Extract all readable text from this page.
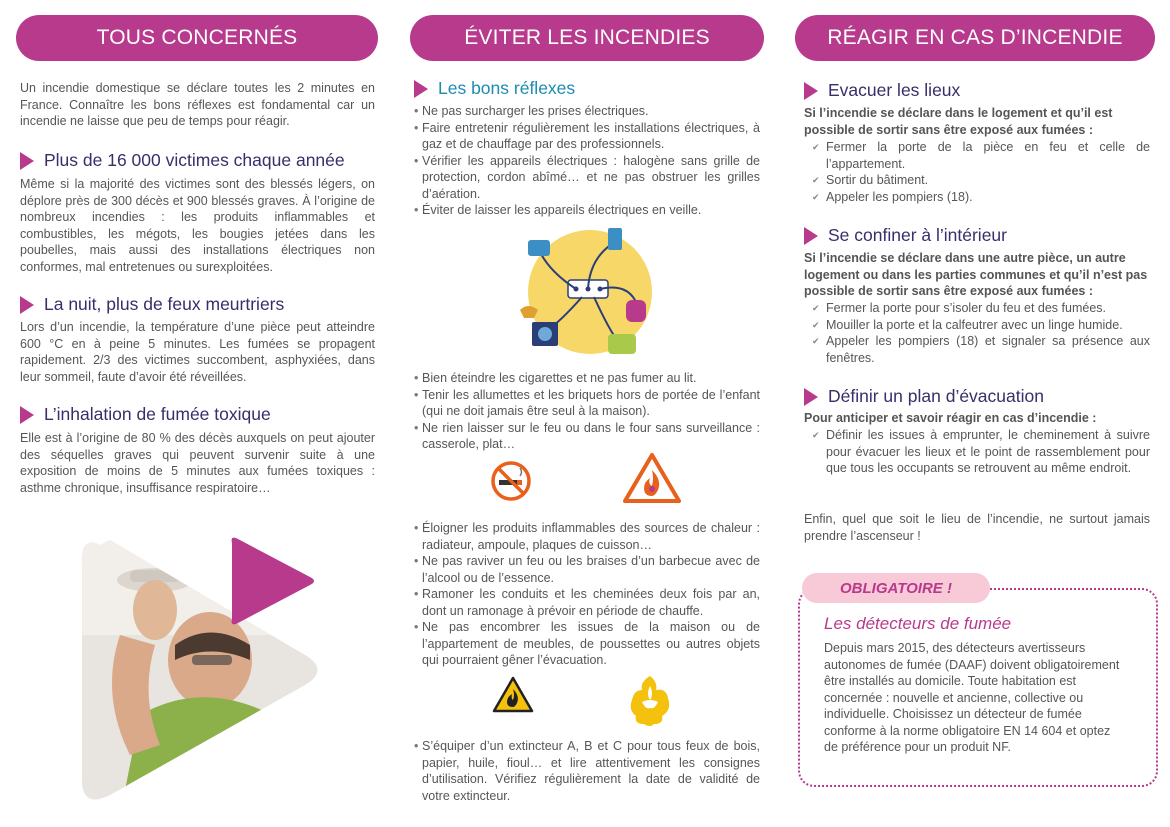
TOUS CONCERNÉS
Un incendie domestique se déclare toutes les 2 minutes en France. Connaître les bons réflexes est fondamental car un incendie ne laisse que peu de temps pour réagir.
Plus de 16 000 victimes chaque année
Même si la majorité des victimes sont des blessés légers, on déplore près de 300 décès et 900 blessés graves. À l’origine de nombreux incendies : les produits inflammables et combustibles, les mégots, les bougies jetées dans les poubelles, mais aussi des installations électriques non conformes, mal entretenues ou surexploitées.
La nuit, plus de feux meurtriers
Lors d’un incendie, la température d’une pièce peut atteindre 600 °C en à peine 5 minutes. Les fumées se propagent rapidement. 2/3 des victimes succombent, asphyxiées, dans leur sommeil, faute d’avoir été réveillées.
L’inhalation de fumée toxique
Elle est à l’origine de 80 % des décès auxquels on peut ajouter des séquelles graves qui peuvent survenir suite à une exposition de moins de 5 minutes aux fumées toxiques : asthme chronique, insuffisance respiratoire…
ÉVITER LES INCENDIES
Les bons réflexes
• Ne pas surcharger les prises électriques.
• Faire entretenir régulièrement les installations électriques, à gaz et de chauffage par des professionnels.
• Vérifier les appareils électriques : halogène sans grille de protection, cordon abîmé… et ne pas obstruer les grilles d’aération.
• Éviter de laisser les appareils électriques en veille.
• Bien éteindre les cigarettes et ne pas fumer au lit.
• Tenir les allumettes et les briquets hors de portée de l’enfant (qui ne doit jamais être seul à la maison).
• Ne rien laisser sur le feu ou dans le four sans surveillance : casserole, plat…
• Éloigner les produits inflammables des sources de chaleur : radiateur, ampoule, plaques de cuisson…
• Ne pas raviver un feu ou les braises d’un barbecue avec de l’alcool ou de l’essence.
• Ramoner les conduits et les cheminées deux fois par an, dont un ramonage à prévoir en période de chauffe.
• Ne pas encombrer les issues de la maison ou de l’appartement de meubles, de poussettes ou autres objets qui pourraient gêner l’évacuation.
• S’équiper d’un extincteur A, B et C pour tous feux de bois, papier, huile, fioul… et lire attentivement les consignes d’utilisation. Vérifiez régulièrement la date de validité de votre extincteur.
RÉAGIR EN CAS D’INCENDIE
Evacuer les lieux
Si l’incendie se déclare dans le logement et qu’il est possible de sortir sans être exposé aux fumées :
✔ Fermer la porte de la pièce en feu et celle de l’appartement.
✔ Sortir du bâtiment.
✔ Appeler les pompiers (18).
Se confiner à l’intérieur
Si l’incendie se déclare dans une autre pièce, un autre logement ou dans les parties communes et qu’il n’est pas possible de sortir sans être exposé aux fumées :
✔ Fermer la porte pour s’isoler du feu et des fumées.
✔ Mouiller la porte et la calfeutrer avec un linge humide.
✔ Appeler les pompiers (18) et signaler sa présence aux fenêtres.
Définir un plan d’évacuation
Pour anticiper et savoir réagir en cas d’incendie :
✔ Définir les issues à emprunter, le cheminement à suivre pour évacuer les lieux et le point de rassemblement pour que tous les occupants se retrouvent au même endroit.
Enfin, quel que soit le lieu de l’incendie, ne surtout jamais prendre l’ascenseur !
OBLIGATOIRE !
Les détecteurs de fumée
Depuis mars 2015, des détecteurs avertisseurs autonomes de fumée (DAAF) doivent obligatoirement être installés au domicile. Toute habitation est concernée : nouvelle et ancienne, collective ou individuelle. Choisissez un détecteur de fumée conforme à la norme obligatoire EN 14 604 et optez de préférence pour un produit NF.
